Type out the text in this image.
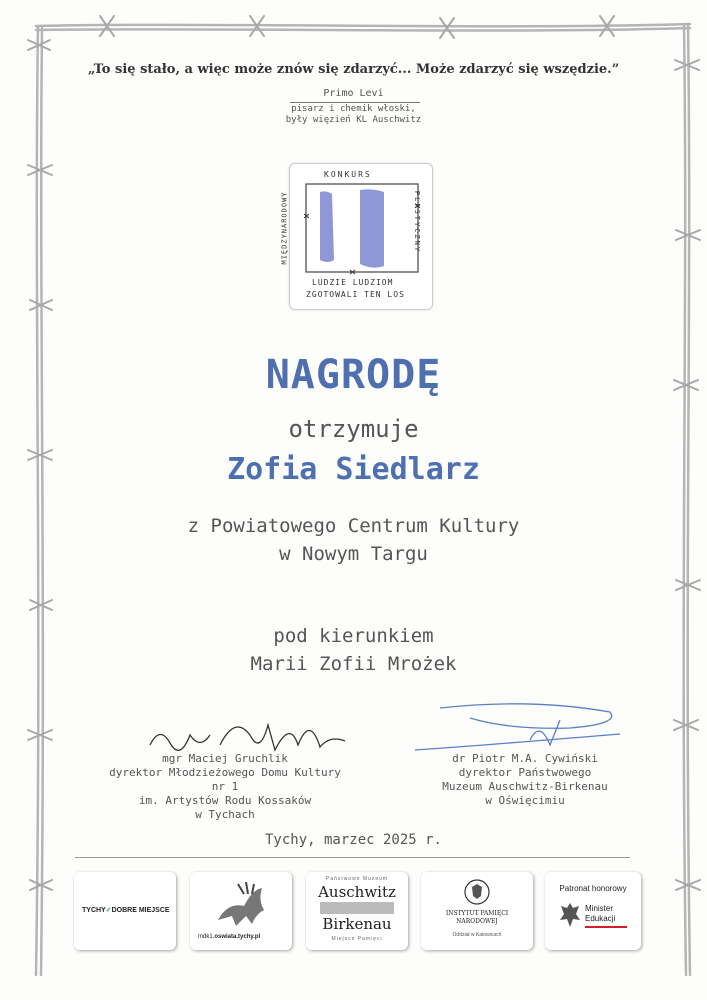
„To się stało, a więc może znów się zdarzyć... Może zdarzyć się wszędzie.”
Primo Levi
pisarz i chemik włoski,
były więzień KL Auschwitz
KONKURS
MIĘDZYNARODOWY	PLASTYCZNY
LUDZIE LUDZIOM
ZGOTOWALI TEN LOS
NAGRODĘ
otrzymuje
Zofia Siedlarz
z Powiatowego Centrum Kultury
w Nowym Targu
pod kierunkiem
Marii Zofii Mrożek
mgr Maciej Gruchlik
dyrektor Młodzieżowego Domu Kultury nr 1
im. Artystów Rodu Kossaków
w Tychach
dr Piotr M.A. Cywiński
dyrektor Państwowego
Muzeum Auschwitz-Birkenau
w Oświęcimiu
Tychy, marzec 2025 r.
TYCHY✓DOBRE MIEJSCE
mdk1.oswiata.tychy.pl
Państwowe Muzeum
Auschwitz
Birkenau
Miejsce Pamięci
INSTYTUT PAMIĘCI
NARODOWEJ
Oddział w Katowicach
Patronat honorowy
Minister
Edukacji
